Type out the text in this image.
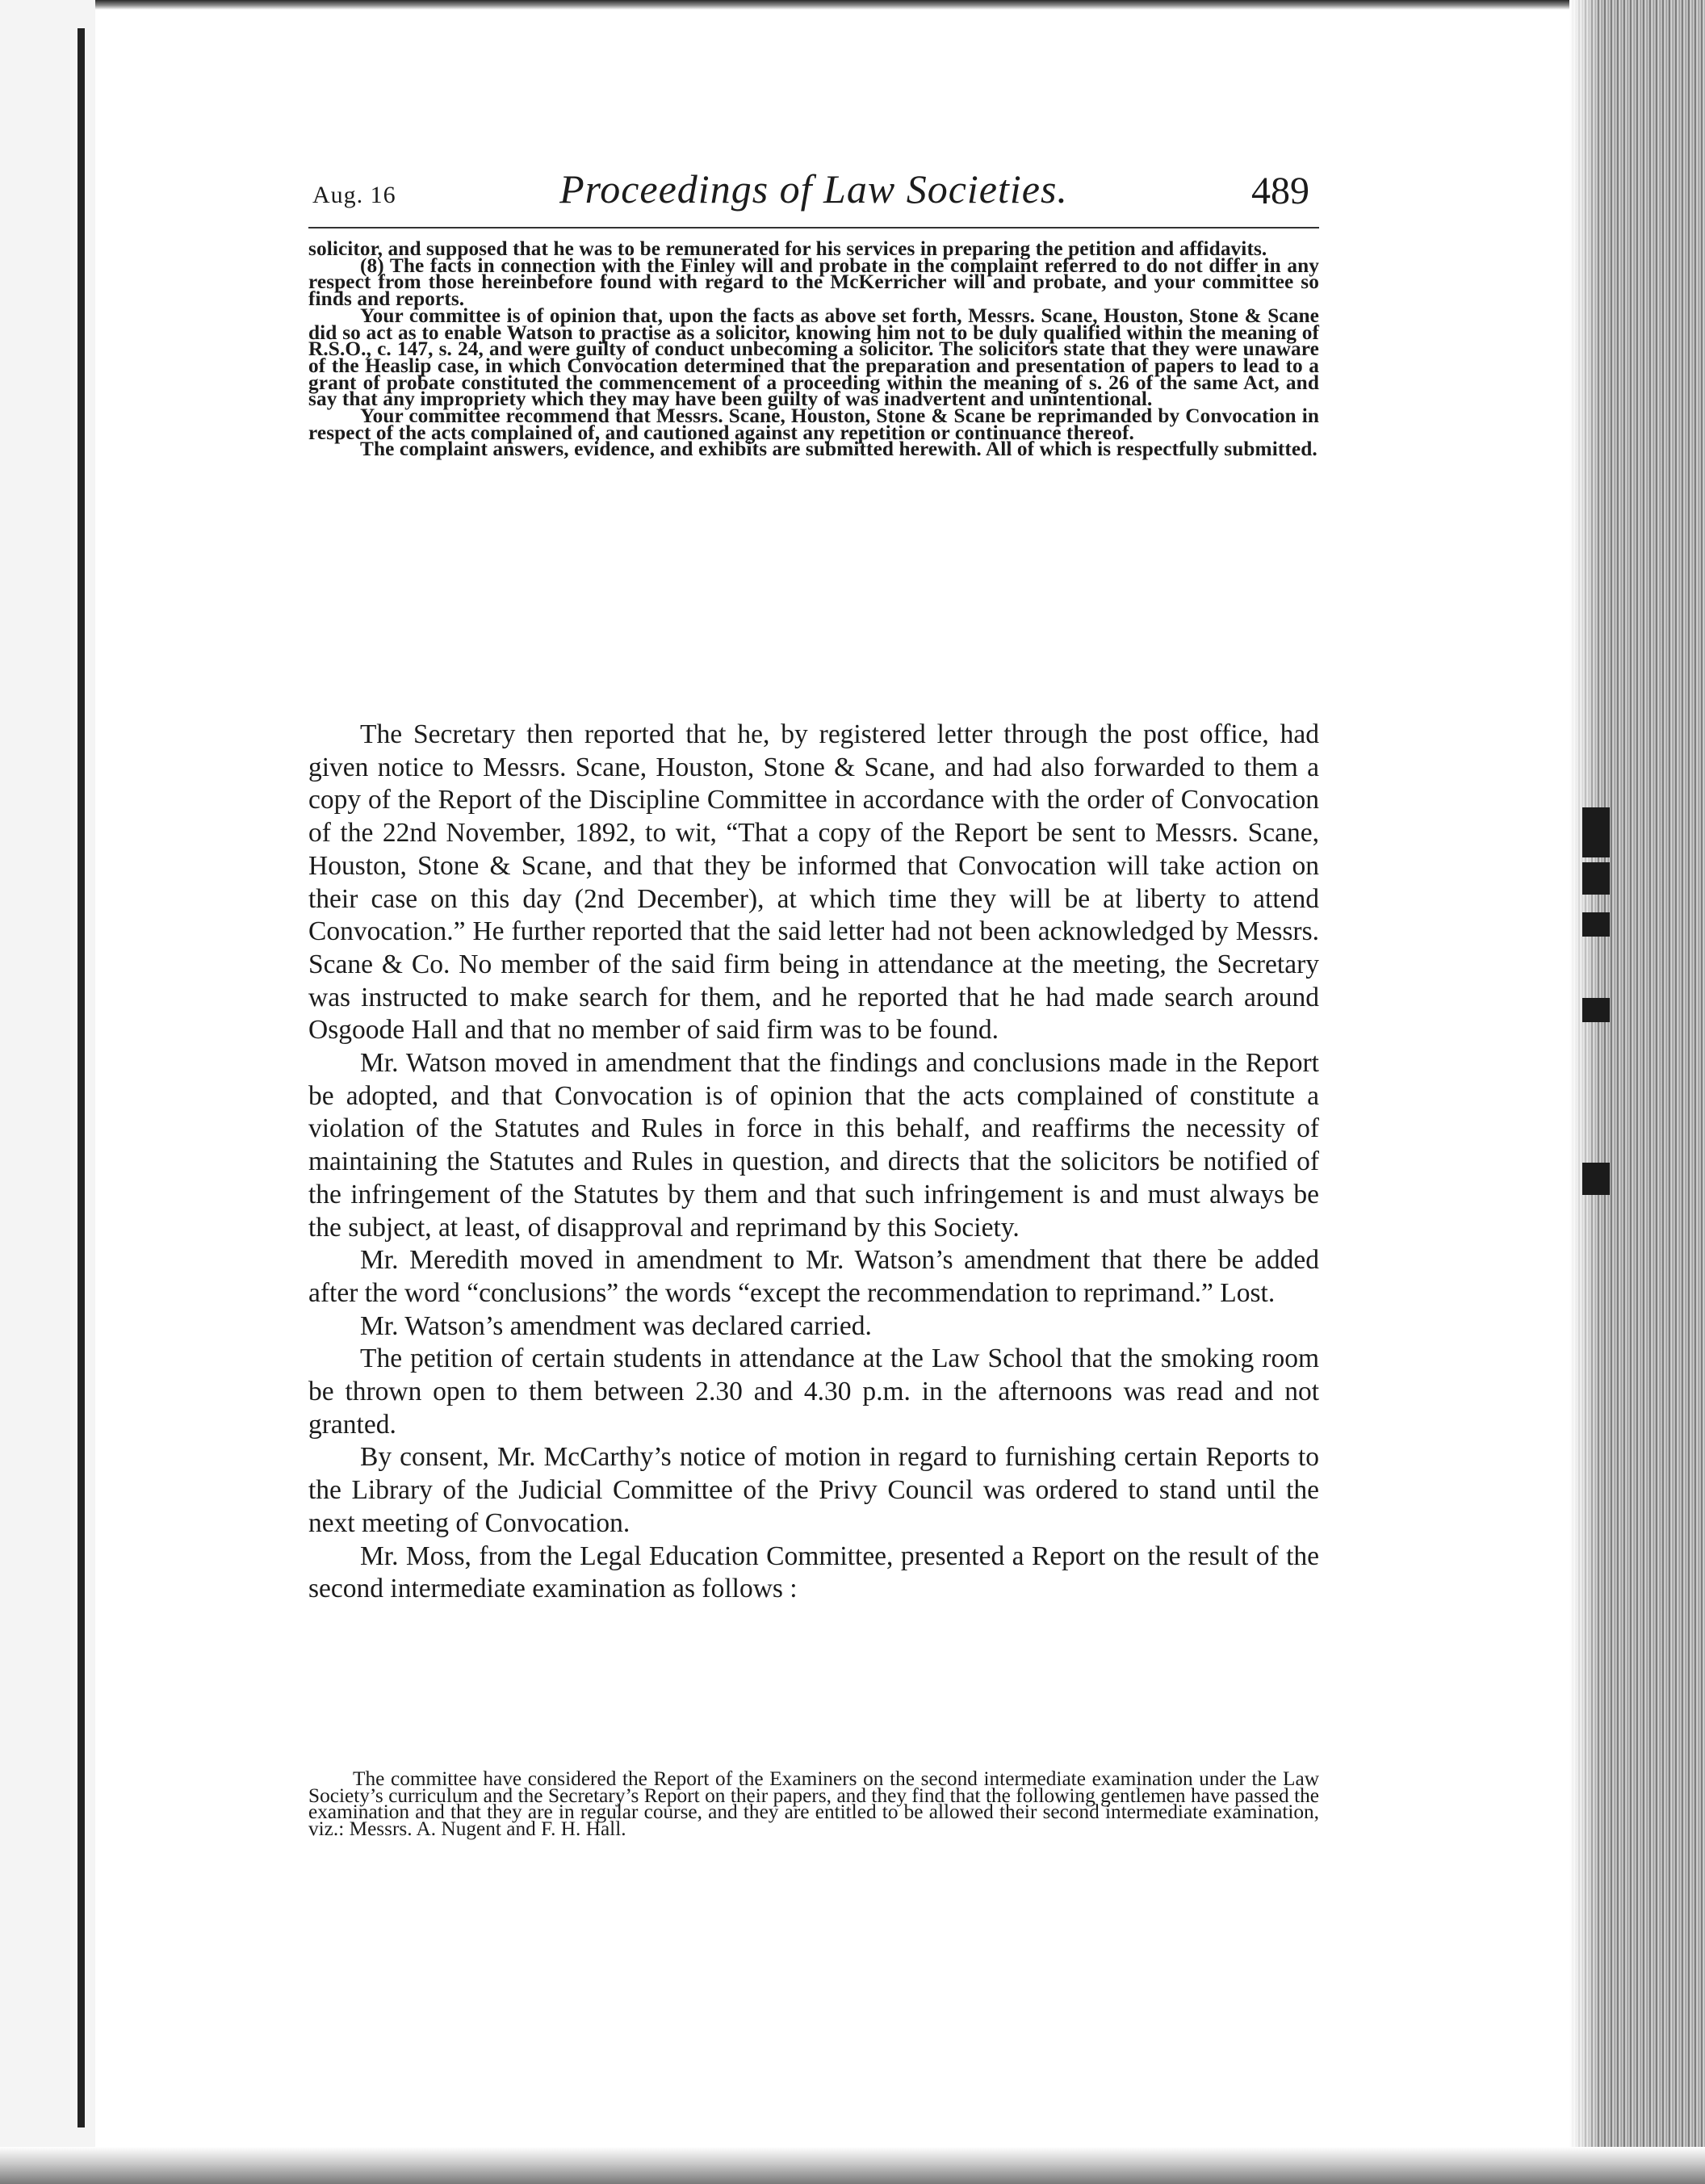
Aug. 16	Proceedings of Law Societies.	489

solicitor, and supposed that he was to be remunerated for his services in preparing the petition and affidavits.

(8) The facts in connection with the Finley will and probate in the complaint referred to do not differ in any respect from those hereinbefore found with regard to the McKerricher will and probate, and your committee so finds and reports.

Your committee is of opinion that, upon the facts as above set forth, Messrs. Scane, Houston, Stone & Scane did so act as to enable Watson to practise as a solicitor, knowing him not to be duly qualified within the meaning of R.S.O., c. 147, s. 24, and were guilty of conduct unbecoming a solicitor. The solicitors state that they were unaware of the Heaslip case, in which Convocation determined that the preparation and presentation of papers to lead to a grant of probate constituted the commencement of a proceeding within the meaning of s. 26 of the same Act, and say that any impropriety which they may have been guilty of was inadvertent and unintentional.

Your committee recommend that Messrs. Scane, Houston, Stone & Scane be reprimanded by Convocation in respect of the acts complained of, and cautioned against any repetition or continuance thereof.

The complaint answers, evidence, and exhibits are submitted herewith. All of which is respectfully submitted.

The Secretary then reported that he, by registered letter through the post office, had given notice to Messrs. Scane, Houston, Stone & Scane, and had also forwarded to them a copy of the Report of the Discipline Committee in accordance with the order of Convocation of the 22nd November, 1892, to wit, “That a copy of the Report be sent to Messrs. Scane, Houston, Stone & Scane, and that they be informed that Convocation will take action on their case on this day (2nd December), at which time they will be at liberty to attend Convocation.” He further reported that the said letter had not been acknowledged by Messrs. Scane & Co. No member of the said firm being in attendance at the meeting, the Secretary was instructed to make search for them, and he reported that he had made search around Osgoode Hall and that no member of said firm was to be found.

Mr. Watson moved in amendment that the findings and conclusions made in the Report be adopted, and that Convocation is of opinion that the acts complained of constitute a violation of the Statutes and Rules in force in this behalf, and reaffirms the necessity of maintaining the Statutes and Rules in question, and directs that the solicitors be notified of the infringement of the Statutes by them and that such infringement is and must always be the subject, at least, of disapproval and reprimand by this Society.

Mr. Meredith moved in amendment to Mr. Watson’s amendment that there be added after the word “conclusions” the words “except the recommendation to reprimand.” Lost.

Mr. Watson’s amendment was declared carried.

The petition of certain students in attendance at the Law School that the smoking room be thrown open to them between 2.30 and 4.30 p.m. in the afternoons was read and not granted.

By consent, Mr. McCarthy’s notice of motion in regard to furnishing certain Reports to the Library of the Judicial Committee of the Privy Council was ordered to stand until the next meeting of Convocation.

Mr. Moss, from the Legal Education Committee, presented a Report on the result of the second intermediate examination as follows :

The committee have considered the Report of the Examiners on the second intermediate examination under the Law Society’s curriculum and the Secretary’s Report on their papers, and they find that the following gentlemen have passed the examination and that they are in regular course, and they are entitled to be allowed their second intermediate examination, viz.: Messrs. A. Nugent and F. H. Hall.
